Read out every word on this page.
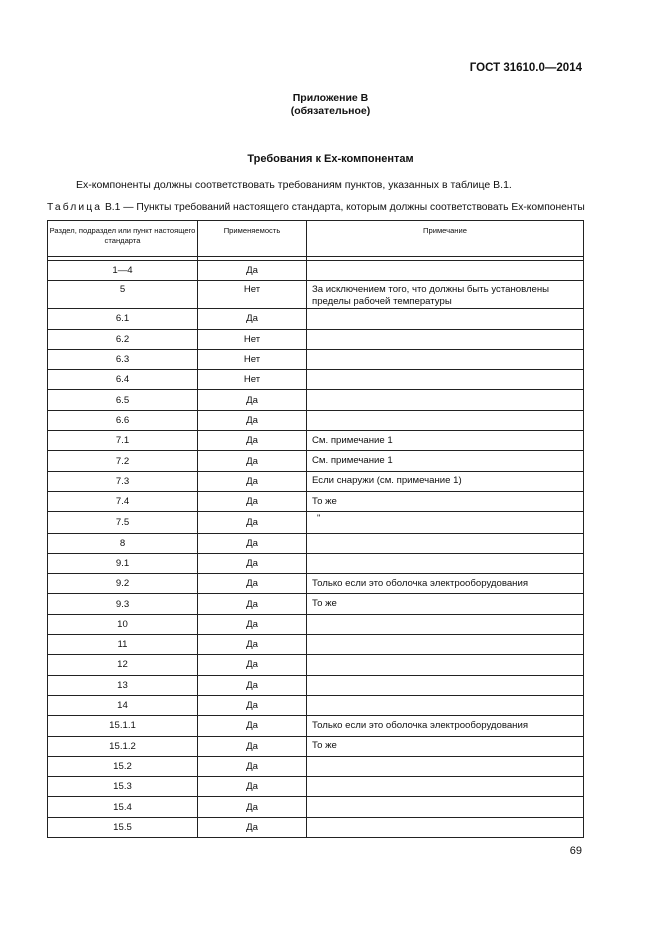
ГОСТ 31610.0—2014
Приложение В
(обязательное)
Требования к Ex-компонентам
Ex-компоненты должны соответствовать требованиям пунктов, указанных в таблице В.1.
Таблица В.1 — Пункты требований настоящего стандарта, которым должны соответствовать Ex-компоненты
Раздел, подраздел или пункт настоящего стандарта	Применяемость	Примечание

1—4	Да	
5	Нет	За исключением того, что должны быть установлены пределы рабочей температуры
6.1	Да	
6.2	Нет	
6.3	Нет	
6.4	Нет	
6.5	Да	
6.6	Да	
7.1	Да	См. примечание 1
7.2	Да	См. примечание 1
7.3	Да	Если снаружи (см. примечание 1)
7.4	Да	То же
7.5	Да	"
8	Да	
9.1	Да	
9.2	Да	Только если это оболочка электрооборудования
9.3	Да	То же
10	Да	
11	Да	
12	Да	
13	Да	
14	Да	
15.1.1	Да	Только если это оболочка электрооборудования
15.1.2	Да	То же
15.2	Да	
15.3	Да	
15.4	Да	
15.5	Да	
69
